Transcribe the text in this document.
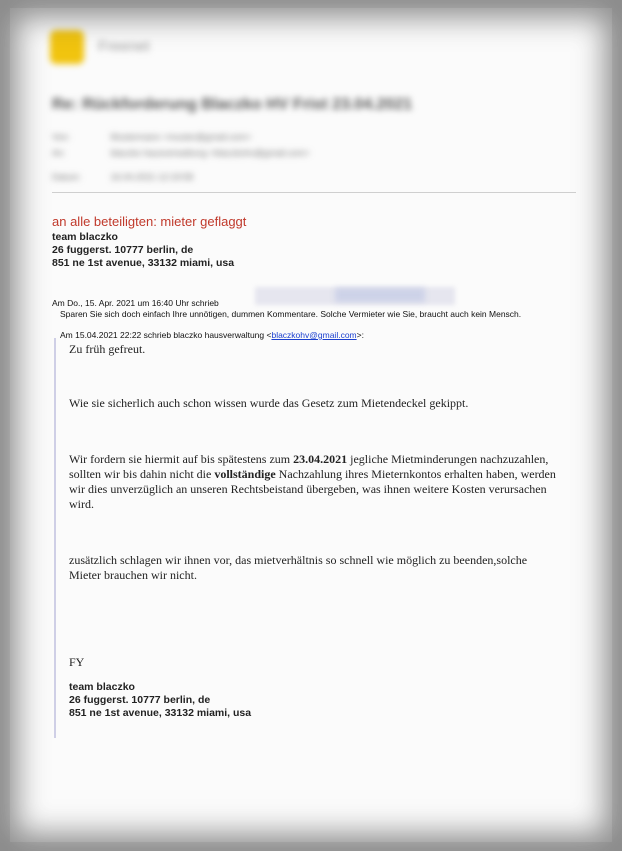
Freenet
Re: Rückforderung Blaczko HV Frist 23.04.2021
Von:	Mustermann <muster@gmail.com>
An:	blaczko hausverwaltung <blaczkohv@gmail.com>
Datum:	16.04.2021 12:19:58
an alle beteiligten: mieter geflaggt
team blaczko
26 fuggerst. 10777 berlin, de
851 ne 1st avenue, 33132 miami, usa
Am Do., 15. Apr. 2021 um 16:40 Uhr schrieb
Sparen Sie sich doch einfach Ihre unnötigen, dummen Kommentare. Solche Vermieter wie Sie, braucht auch kein Mensch.
Am 15.04.2021 22:22 schrieb blaczko hausverwaltung <blaczkohv@gmail.com>:
Zu früh gefreut.
Wie sie sicherlich auch schon wissen wurde das Gesetz zum Mietendeckel gekippt.
Wir fordern sie hiermit auf bis spätestens zum 23.04.2021 jegliche Mietminderungen nachzuzahlen,
sollten wir bis dahin nicht die vollständige Nachzahlung ihres Mieternkontos erhalten haben, werden
wir dies unverzüglich an unseren Rechtsbeistand übergeben, was ihnen weitere Kosten verursachen
wird.
zusätzlich schlagen wir ihnen vor, das mietverhältnis so schnell wie möglich zu beenden,solche
Mieter brauchen wir nicht.
FY
team blaczko
26 fuggerst. 10777 berlin, de
851 ne 1st avenue, 33132 miami, usa
